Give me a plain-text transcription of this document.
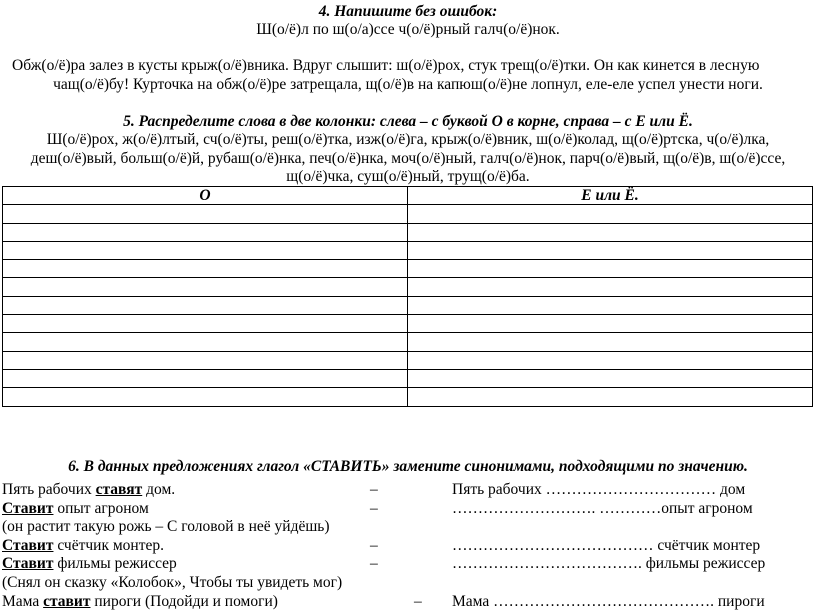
4. Напишите без ошибок:
Ш(о/ё)л по ш(о/а)ссе ч(о/ё)рный галч(о/ё)нок.
Обж(о/ё)ра залез в кусты крыж(о/ё)вника. Вдруг слышит: ш(о/ё)рох, стук трещ(о/ё)тки. Он как кинется в лесную
чащ(о/ё)бу! Курточка на обж(о/ё)ре затрещала, щ(о/ё)в на капюш(о/ё)не лопнул, еле-еле успел унести ноги.
5. Распределите слова в две колонки: слева – с буквой О в корне, справа – с Е или Ё.
Ш(о/ё)рох, ж(о/ё)лтый, сч(о/ё)ты, реш(о/ё)тка, изж(о/ё)га, крыж(о/ё)вник, ш(о/ё)колад, щ(о/ё)ртска, ч(о/ё)лка,
деш(о/ё)вый, больш(о/ё)й, рубаш(о/ё)нка, печ(о/ё)нка, моч(о/ё)ный, галч(о/ё)нок, парч(о/ё)вый, щ(о/ё)в, ш(о/ё)ссе,
щ(о/ё)чка, суш(о/ё)ный, трущ(о/ё)ба.
О	Е или Ё.

6. В данных предложениях глагол «СТАВИТЬ» замените синонимами, подходящими по значению.
Пять рабочих ставят дом.	–	Пять рабочих …………………………… дом
Ставит опыт агроном	–	………………………. …………опыт агроном
(он растит такую рожь – С головой в неё уйдёшь)
Ставит счётчик монтер.	–	………………………………… счётчик монтер
Ставит фильмы режиссер	–	………………………………. фильмы режиссер
(Снял он сказку «Колобок», Чтобы ты увидеть мог)
Мама ставит пироги (Подойди и помоги)	– Мама ……………………………………. пироги
